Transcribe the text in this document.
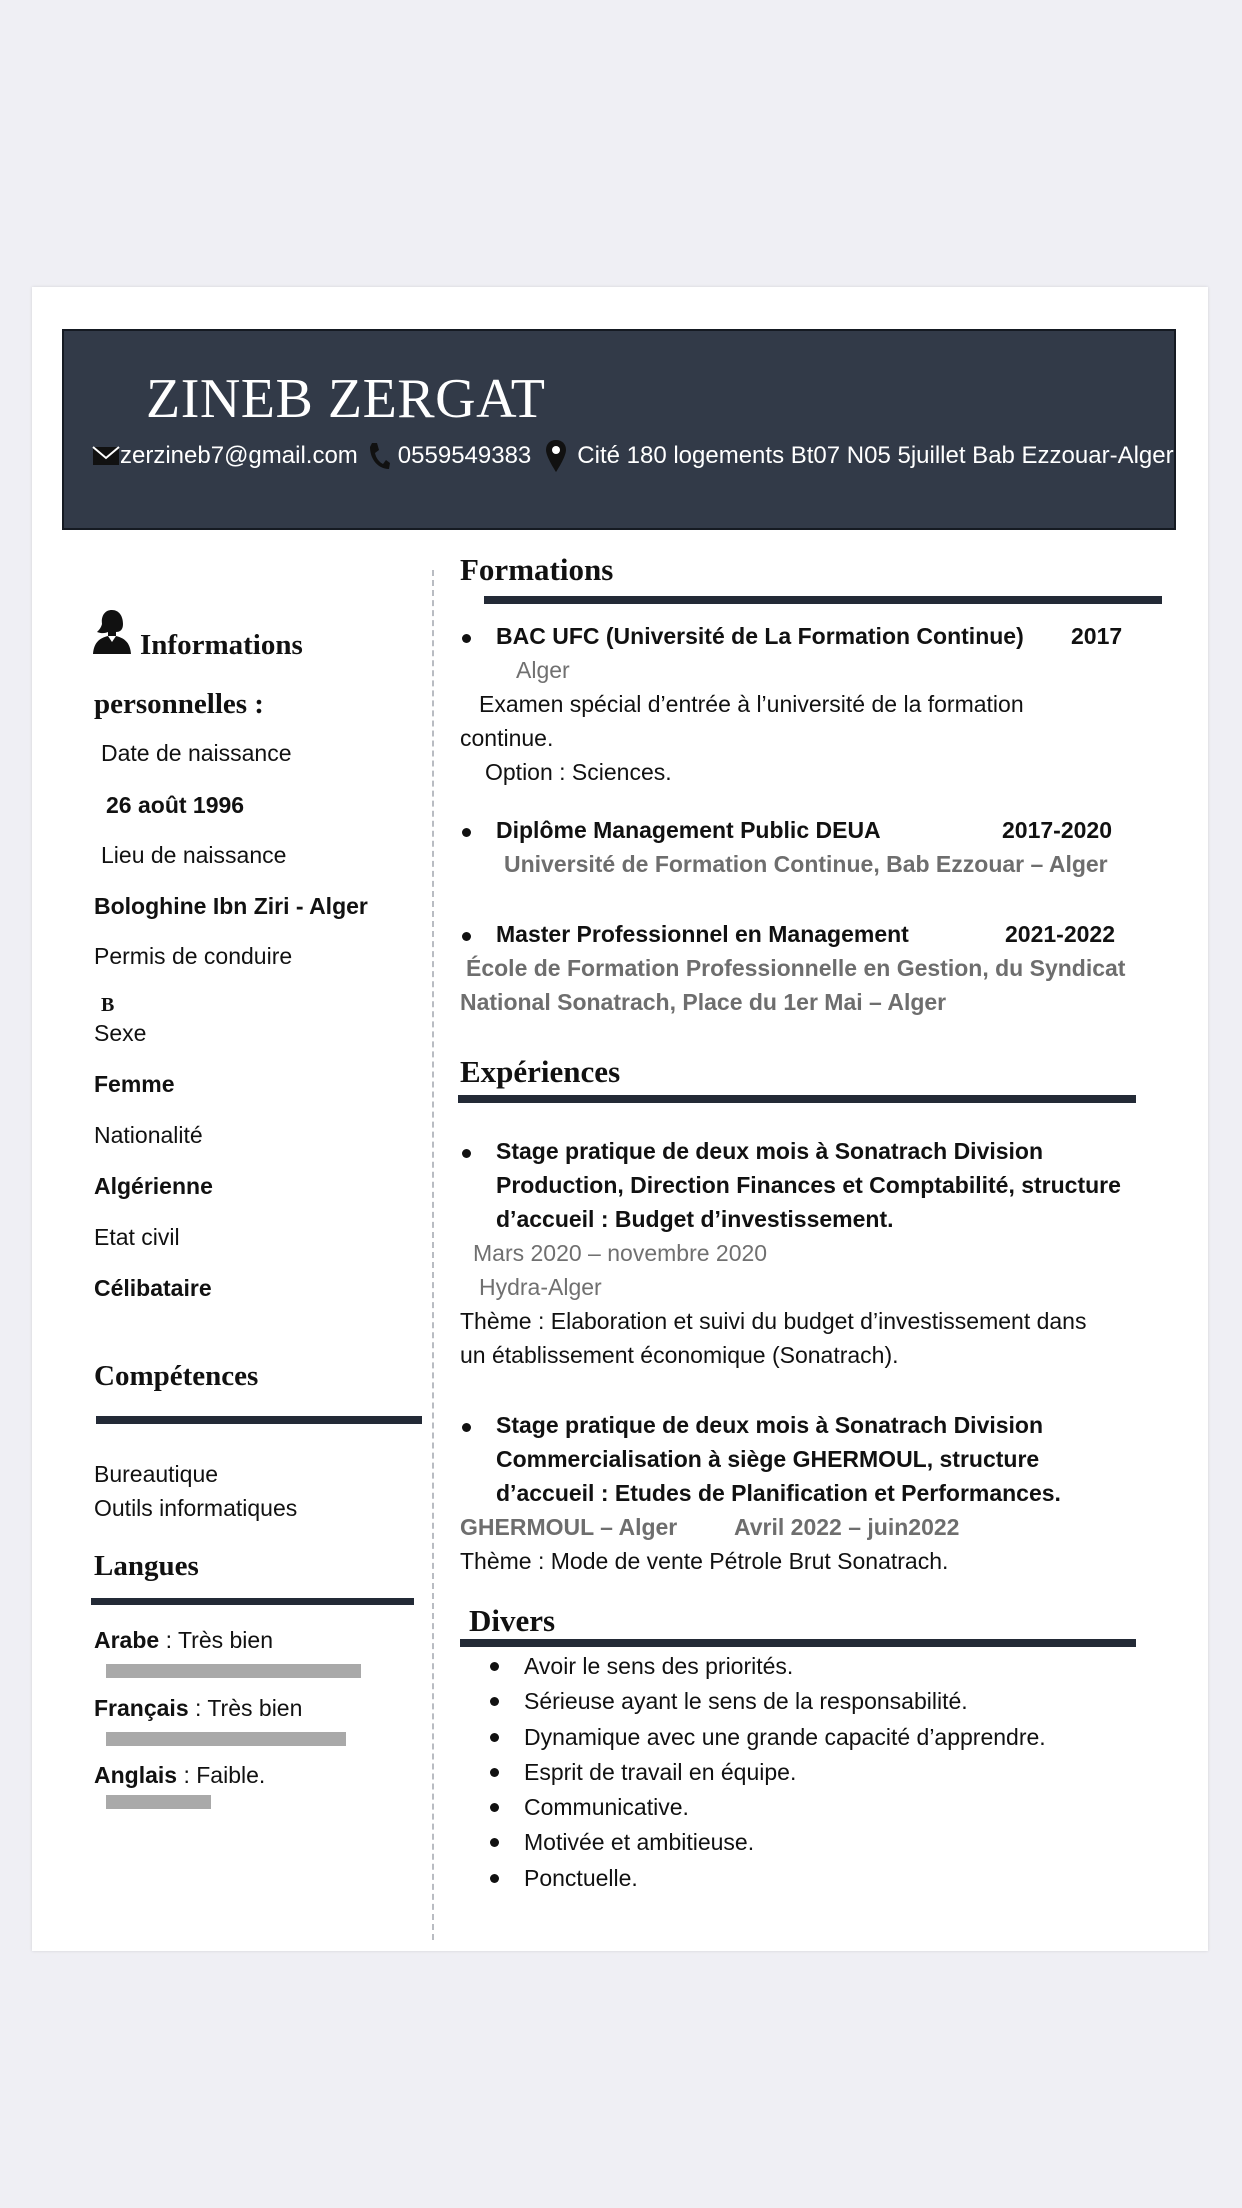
ZINEB ZERGAT
zerzineb7@gmail.com 0559549383 Cité 180 logements Bt07 N05 5juillet Bab Ezzouar-Alger
Informations
personnelles :
Date de naissance
26 août 1996
Lieu de naissance
Bologhine Ibn Ziri - Alger
Permis de conduire
B
Sexe
Femme
Nationalité
Algérienne
Etat civil
Célibataire
Compétences
Bureautique
Outils informatiques
Langues
Arabe : Très bien
Français : Très bien
Anglais : Faible.
Formations
BAC UFC (Université de La Formation Continue) 2017
Alger
Examen spécial d’entrée à l’université de la formation
continue.
Option : Sciences.
Diplôme Management Public DEUA	2017-2020
Université de Formation Continue, Bab Ezzouar – Alger
Master Professionnel en Management	2021-2022
École de Formation Professionnelle en Gestion, du Syndicat
National Sonatrach, Place du 1er Mai – Alger
Expériences
Stage pratique de deux mois à Sonatrach Division
Production, Direction Finances et Comptabilité, structure
d’accueil : Budget d’investissement.
Mars 2020 – novembre 2020
Hydra-Alger
Thème : Elaboration et suivi du budget d’investissement dans
un établissement économique (Sonatrach).
Stage pratique de deux mois à Sonatrach Division
Commercialisation à siège GHERMOUL, structure
d’accueil : Etudes de Planification et Performances.
GHERMOUL – Alger Avril 2022 – juin2022
Thème : Mode de vente Pétrole Brut Sonatrach.
Divers
Avoir le sens des priorités.
Sérieuse ayant le sens de la responsabilité.
Dynamique avec une grande capacité d’apprendre.
Esprit de travail en équipe.
Communicative.
Motivée et ambitieuse.
Ponctuelle.
